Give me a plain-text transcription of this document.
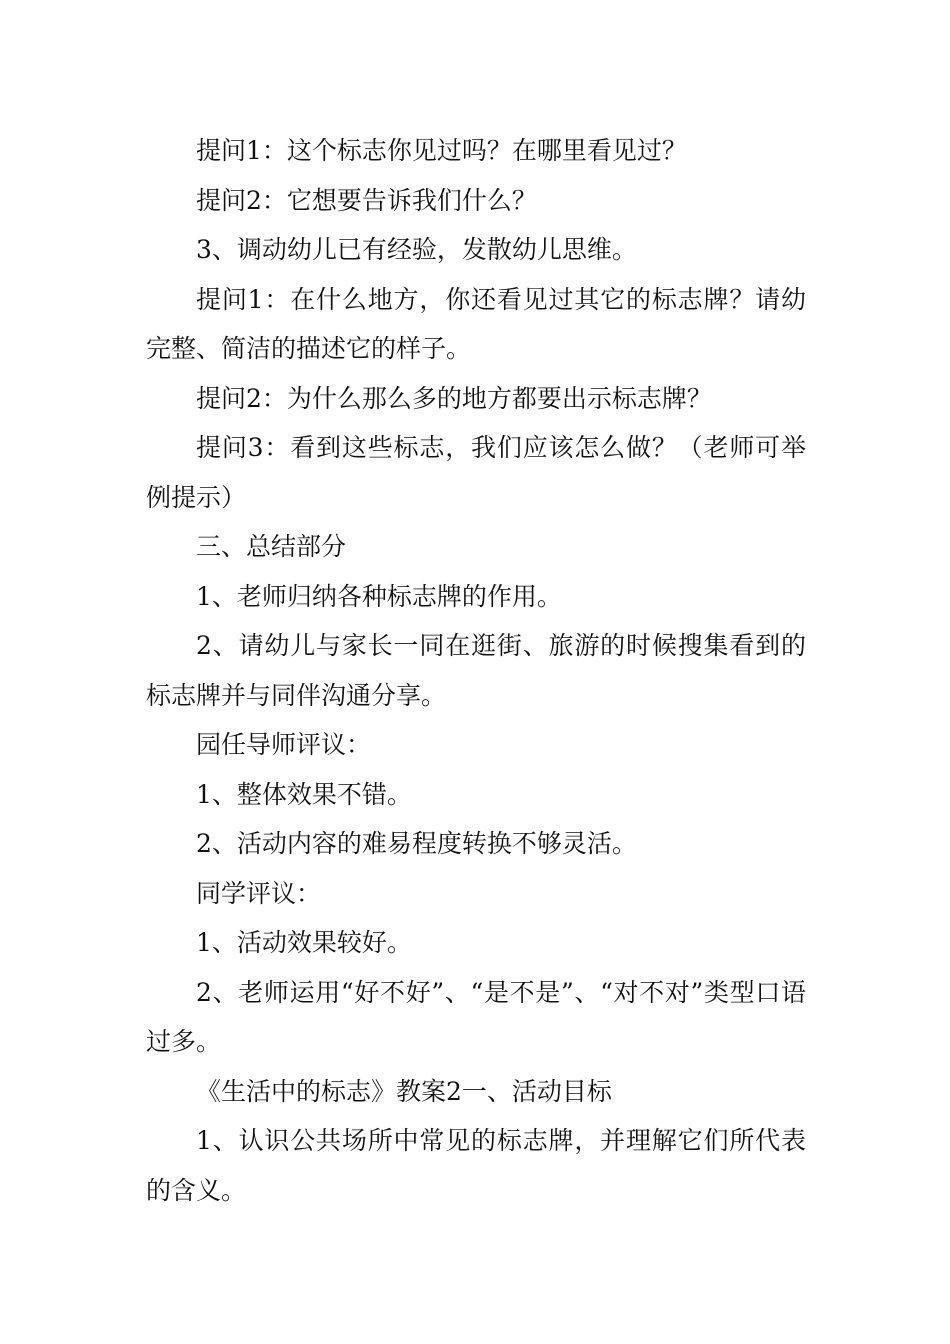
提问1：这个标志你见过吗？在哪里看见过？

提问2：它想要告诉我们什么？

3、调动幼儿已有经验，发散幼儿思维。

提问1：在什么地方，你还看见过其它的标志牌？请幼完整、简洁的描述它的样子。

提问2：为什么那么多的地方都要出示标志牌？

提问3：看到这些标志，我们应该怎么做？（老师可举例提示）

三、总结部分

1、老师归纳各种标志牌的作用。

2、请幼儿与家长一同在逛街、旅游的时候搜集看到的标志牌并与同伴沟通分享。

园任导师评议：

1、整体效果不错。

2、活动内容的难易程度转换不够灵活。

同学评议：

1、活动效果较好。

2、老师运用“好不好”、“是不是”、“对不对”类型口语过多。

《生活中的标志》教案2一、活动目标

1、认识公共场所中常见的标志牌，并理解它们所代表的含义。
